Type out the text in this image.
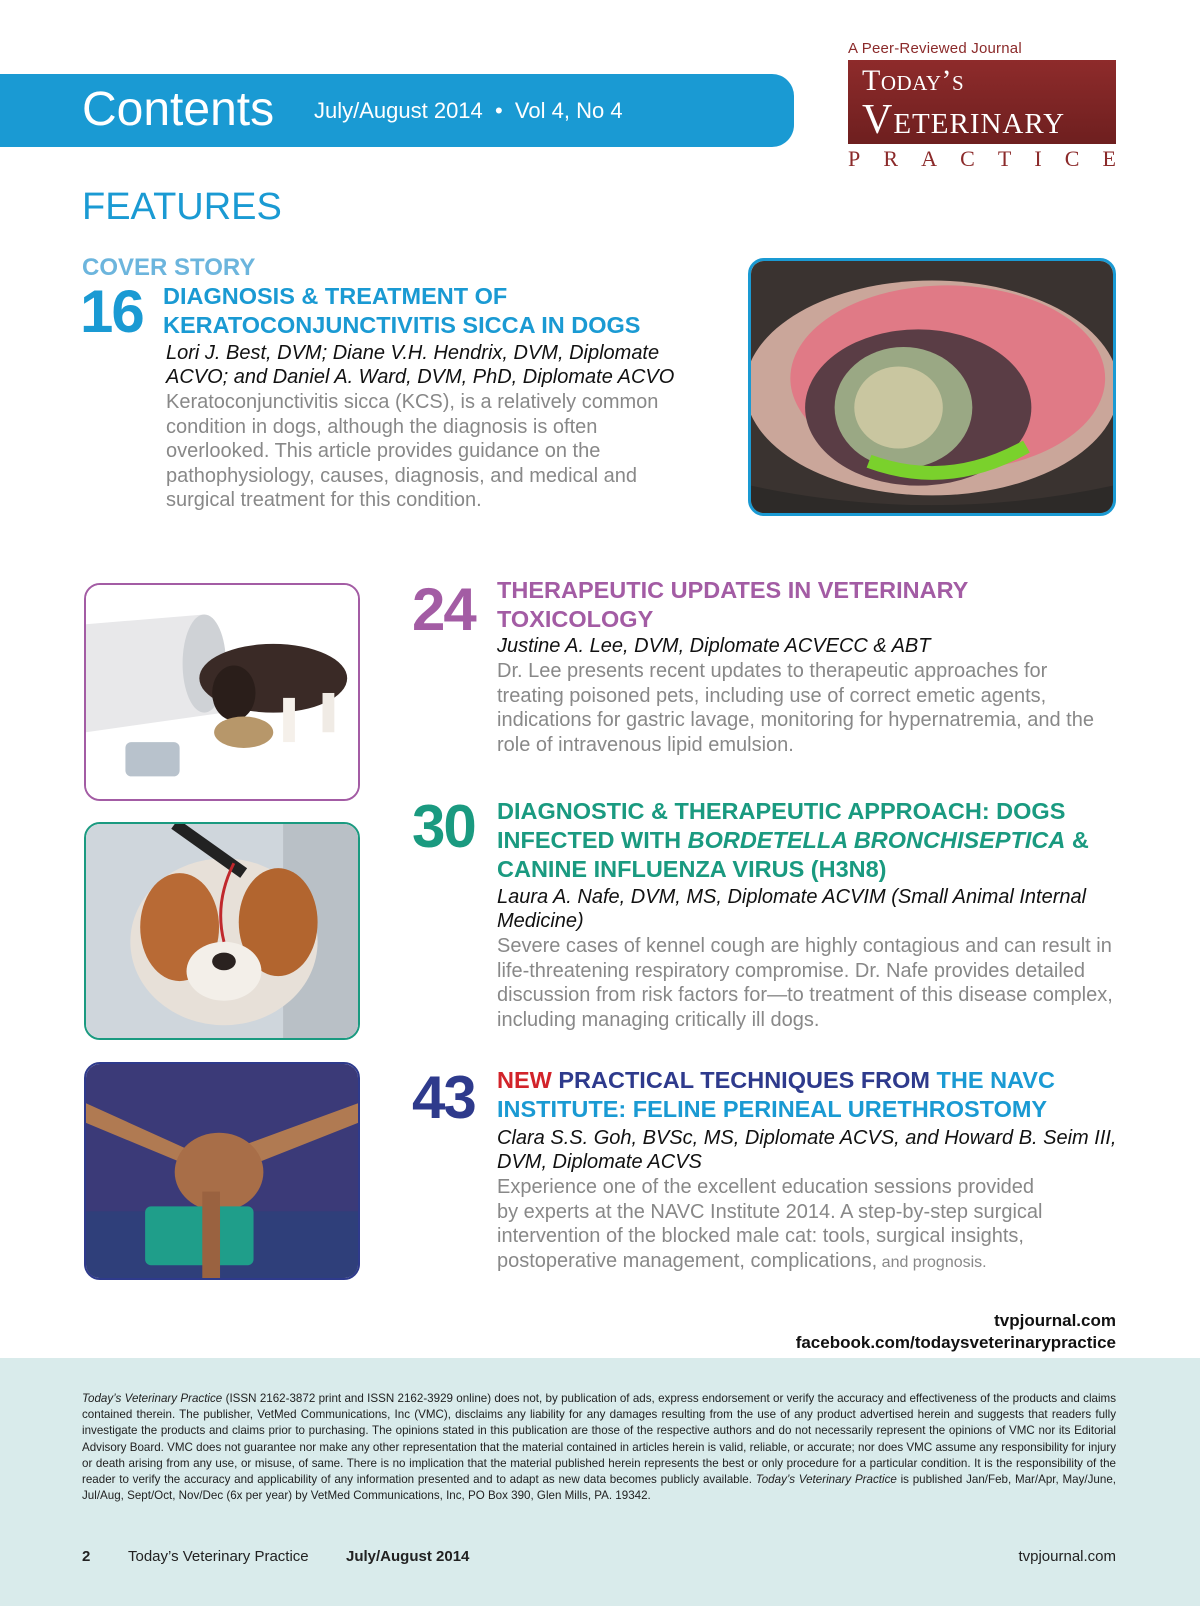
A Peer-Reviewed Journal
Today’s
Veterinary
P R A C T I C E
Contents July/August 2014  •  Vol 4, No 4
FEATURES
COVER STORY
16 DIAGNOSIS & TREATMENT OF
KERATOCONJUNCTIVITIS SICCA IN DOGS
Lori J. Best, DVM; Diane V.H. Hendrix, DVM, Diplomate ACVO; and Daniel A. Ward, DVM, PhD, Diplomate ACVO
Keratoconjunctivitis sicca (KCS), is a relatively common condition in dogs, although the diagnosis is often overlooked. This article provides guidance on the pathophysiology, causes, diagnosis, and medical and surgical treatment for this condition.
24 THERAPEUTIC UPDATES IN VETERINARY TOXICOLOGY
Justine A. Lee, DVM, Diplomate ACVECC & ABT
Dr. Lee presents recent updates to therapeutic approaches for treating poisoned pets, including use of correct emetic agents, indications for gastric lavage, monitoring for hypernatremia, and the role of intravenous lipid emulsion.
30 DIAGNOSTIC & THERAPEUTIC APPROACH: DOGS INFECTED WITH BORDETELLA BRONCHISEPTICA & CANINE INFLUENZA VIRUS (H3N8)
Laura A. Nafe, DVM, MS, Diplomate ACVIM (Small Animal Internal Medicine)
Severe cases of kennel cough are highly contagious and can result in life-threatening respiratory compromise. Dr. Nafe provides detailed discussion from risk factors for—to treatment of this disease complex, including managing critically ill dogs.
43 NEW PRACTICAL TECHNIQUES FROM THE NAVC INSTITUTE: FELINE PERINEAL URETHROSTOMY
Clara S.S. Goh, BVSc, MS, Diplomate ACVS, and Howard B. Seim III, DVM, Diplomate ACVS
Experience one of the excellent education sessions provided by experts at the NAVC Institute 2014. A step-by-step surgical intervention of the blocked male cat: tools, surgical insights, postoperative management, complications, and prognosis.
tvpjournal.com
facebook.com/todaysveterinarypractice
Today’s Veterinary Practice (ISSN 2162-3872 print and ISSN 2162-3929 online) does not, by publication of ads, express endorsement or verify the accuracy and effectiveness of the products and claims contained therein. The publisher, VetMed Communications, Inc (VMC), disclaims any liability for any damages resulting from the use of any product advertised herein and suggests that readers fully investigate the products and claims prior to purchasing. The opinions stated in this publication are those of the respective authors and do not necessarily represent the opinions of VMC nor its Editorial Advisory Board. VMC does not guarantee nor make any other representation that the material contained in articles herein is valid, reliable, or accurate; nor does VMC assume any responsibility for injury or death arising from any use, or misuse, of same. There is no implication that the material published herein represents the best or only procedure for a particular condition. It is the responsibility of the reader to verify the accuracy and applicability of any information presented and to adapt as new data becomes publicly available. Today’s Veterinary Practice is published Jan/Feb, Mar/Apr, May/June, Jul/Aug, Sept/Oct, Nov/Dec (6x per year) by VetMed Communications, Inc, PO Box 390, Glen Mills, PA. 19342.
2	Today’s Veterinary Practice July/August 2014	tvpjournal.com
